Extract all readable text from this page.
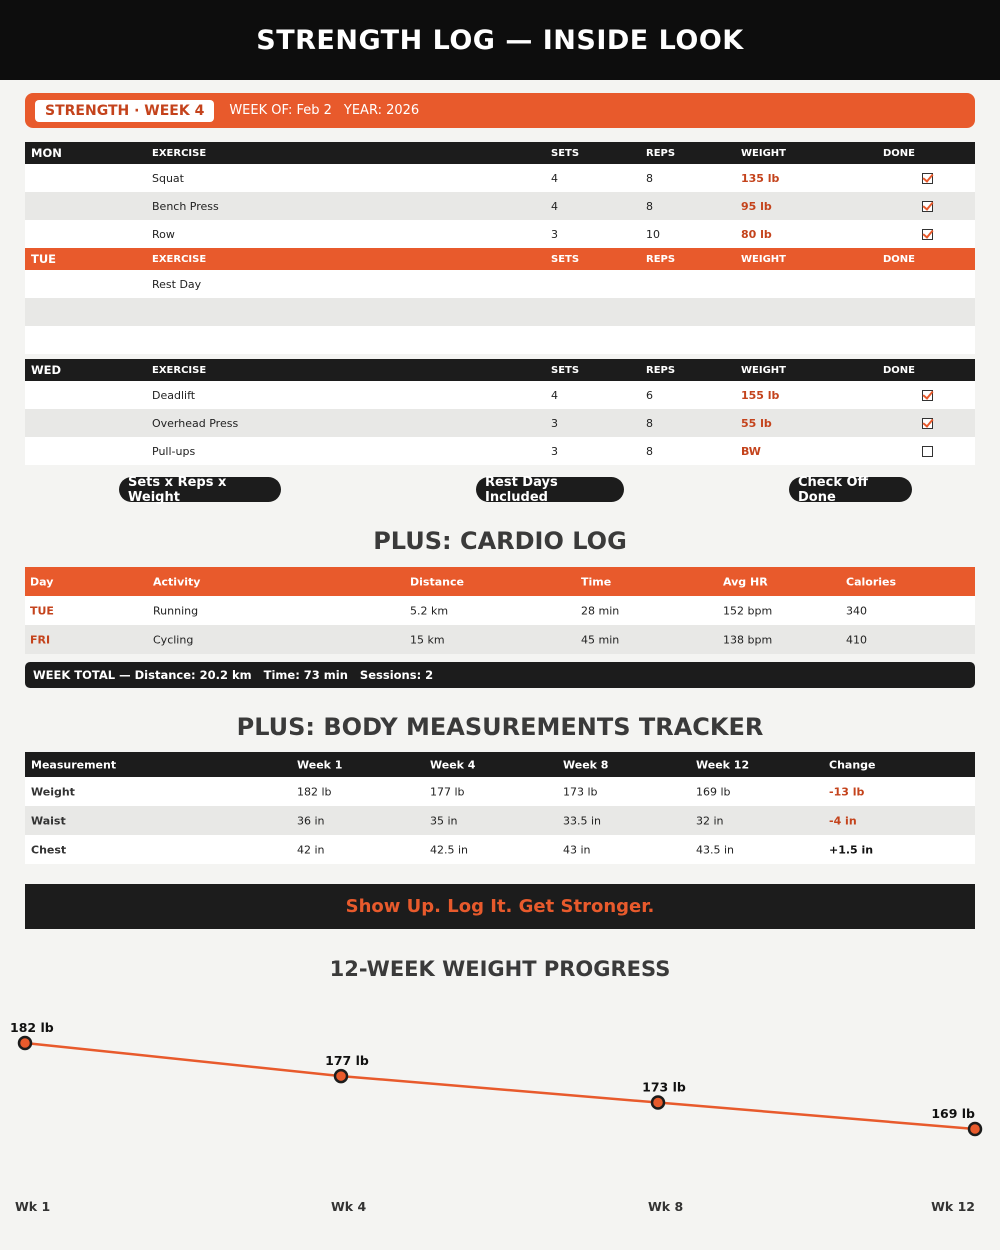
STRENGTH LOG — INSIDE LOOK
STRENGTH · WEEK 4	WEEK OF: Feb 2 YEAR: 2026
MON	EXERCISE	SETS	REPS	WEIGHT	DONE
Squat	4	8	135 lb
Bench Press	4	8	95 lb
Row	3	10	80 lb
TUE	EXERCISE	SETS	REPS	WEIGHT	DONE
Rest Day
WED	EXERCISE	SETS	REPS	WEIGHT	DONE
Deadlift	4	6	155 lb
Overhead Press	3	8	55 lb
Pull-ups	3	8	BW
Sets x Reps x Weight
Rest Days Included
Check Off Done
PLUS: CARDIO LOG
Day	Activity	Distance	Time	Avg HR	Calories
TUE	Running	5.2 km	28 min	152 bpm	340
FRI	Cycling	15 km	45 min	138 bpm	410
WEEK TOTAL — Distance: 20.2 km Time: 73 min Sessions: 2
PLUS: BODY MEASUREMENTS TRACKER
Measurement	Week 1	Week 4	Week 8	Week 12	Change
Weight	182 lb	177 lb	173 lb	169 lb	-13 lb
Waist	36 in	35 in	33.5 in	32 in	-4 in
Chest	42 in	42.5 in	43 in	43.5 in	+1.5 in
Show Up. Log It. Get Stronger.
12-WEEK WEIGHT PROGRESS
182 lb
Wk 1
177 lb
Wk 4
173 lb
Wk 8
169 lb
Wk 12
